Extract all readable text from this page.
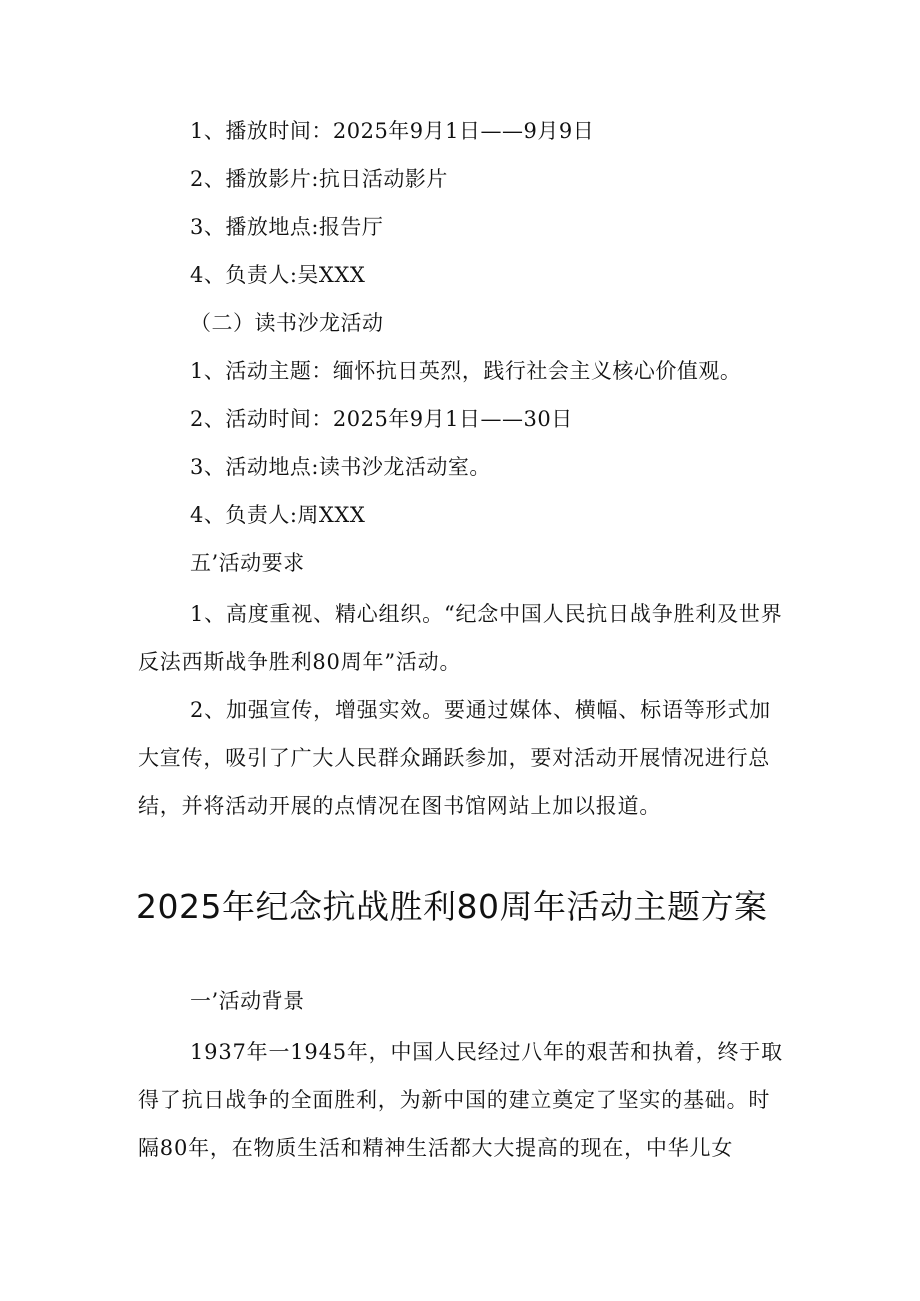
1、播放时间：2025年9月1日——9月9日
2、播放影片:抗日活动影片
3、播放地点:报告厅
4、负责人:吴XXX
（二）读书沙龙活动
1、活动主题：缅怀抗日英烈，践行社会主义核心价值观。
2、活动时间：2025年9月1日——30日
3、活动地点:读书沙龙活动室。
4、负责人:周XXX
五’活动要求
1、高度重视、精心组织。“纪念中国人民抗日战争胜利及世界反法西斯战争胜利80周年”活动。
2、加强宣传，增强实效。要通过媒体、横幅、标语等形式加大宣传，吸引了广大人民群众踊跃参加，要对活动开展情况进行总结，并将活动开展的点情况在图书馆网站上加以报道。
2025年纪念抗战胜利80周年活动主题方案
一’活动背景
1937年一1945年，中国人民经过八年的艰苦和执着，终于取得了抗日战争的全面胜利，为新中国的建立奠定了坚实的基础。时隔80年，在物质生活和精神生活都大大提高的现在，中华儿女
